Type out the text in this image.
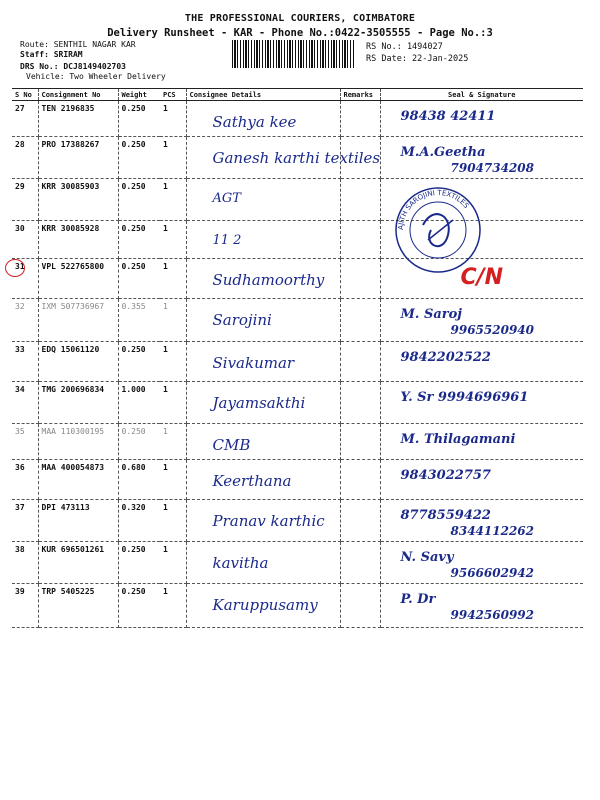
THE PROFESSIONAL COURIERS, COIMBATORE
Delivery Runsheet - KAR - Phone No.:0422-3505555 - Page No.:3
Route: SENTHIL NAGAR KAR
Staff: SRIRAM
DRS No.: DCJ8149402703
Vehicle: Two Wheeler Delivery
RS No.: 1494027
RS Date: 22-Jan-2025
S No	Consignment No	Weight	PCS	Consignee Details	Remarks	Seal & Signature
27	TEN 2196835	0.250	1	Sathya kee		98438 42411

28	PRO 17388267	0.250	1	Ganesh karthi textiles		M.A.Geetha
7904734208

29	KRR 30085903	0.250	1	AGT		

30	KRR 30085928	0.250	1	11 2		

31	VPL 522765800	0.250	1	Sudhamoorthy		C/N

32	IXM 507736967	0.355	1	Sarojini		M. Saroj
9965520940

33	EDQ 15061120	0.250	1	Sivakumar		9842202522

34	TMG 200696834	1.000	1	Jayamsakthi		Y. Sr 9994696961

35	MAA 110300195	0.250	1	CMB		M. Thilagamani

36	MAA 400054873	0.680	1	Keerthana		9843022757

37	DPI 473113	0.320	1	Pranav karthic		8778559422
8344112262

38	KUR 696501261	0.250	1	kavitha		N. Savy
9566602942

39	TRP 5405225	0.250	1	Karuppusamy		P. Dr
9942560992
AJITH SAROJINI TEXTILES
